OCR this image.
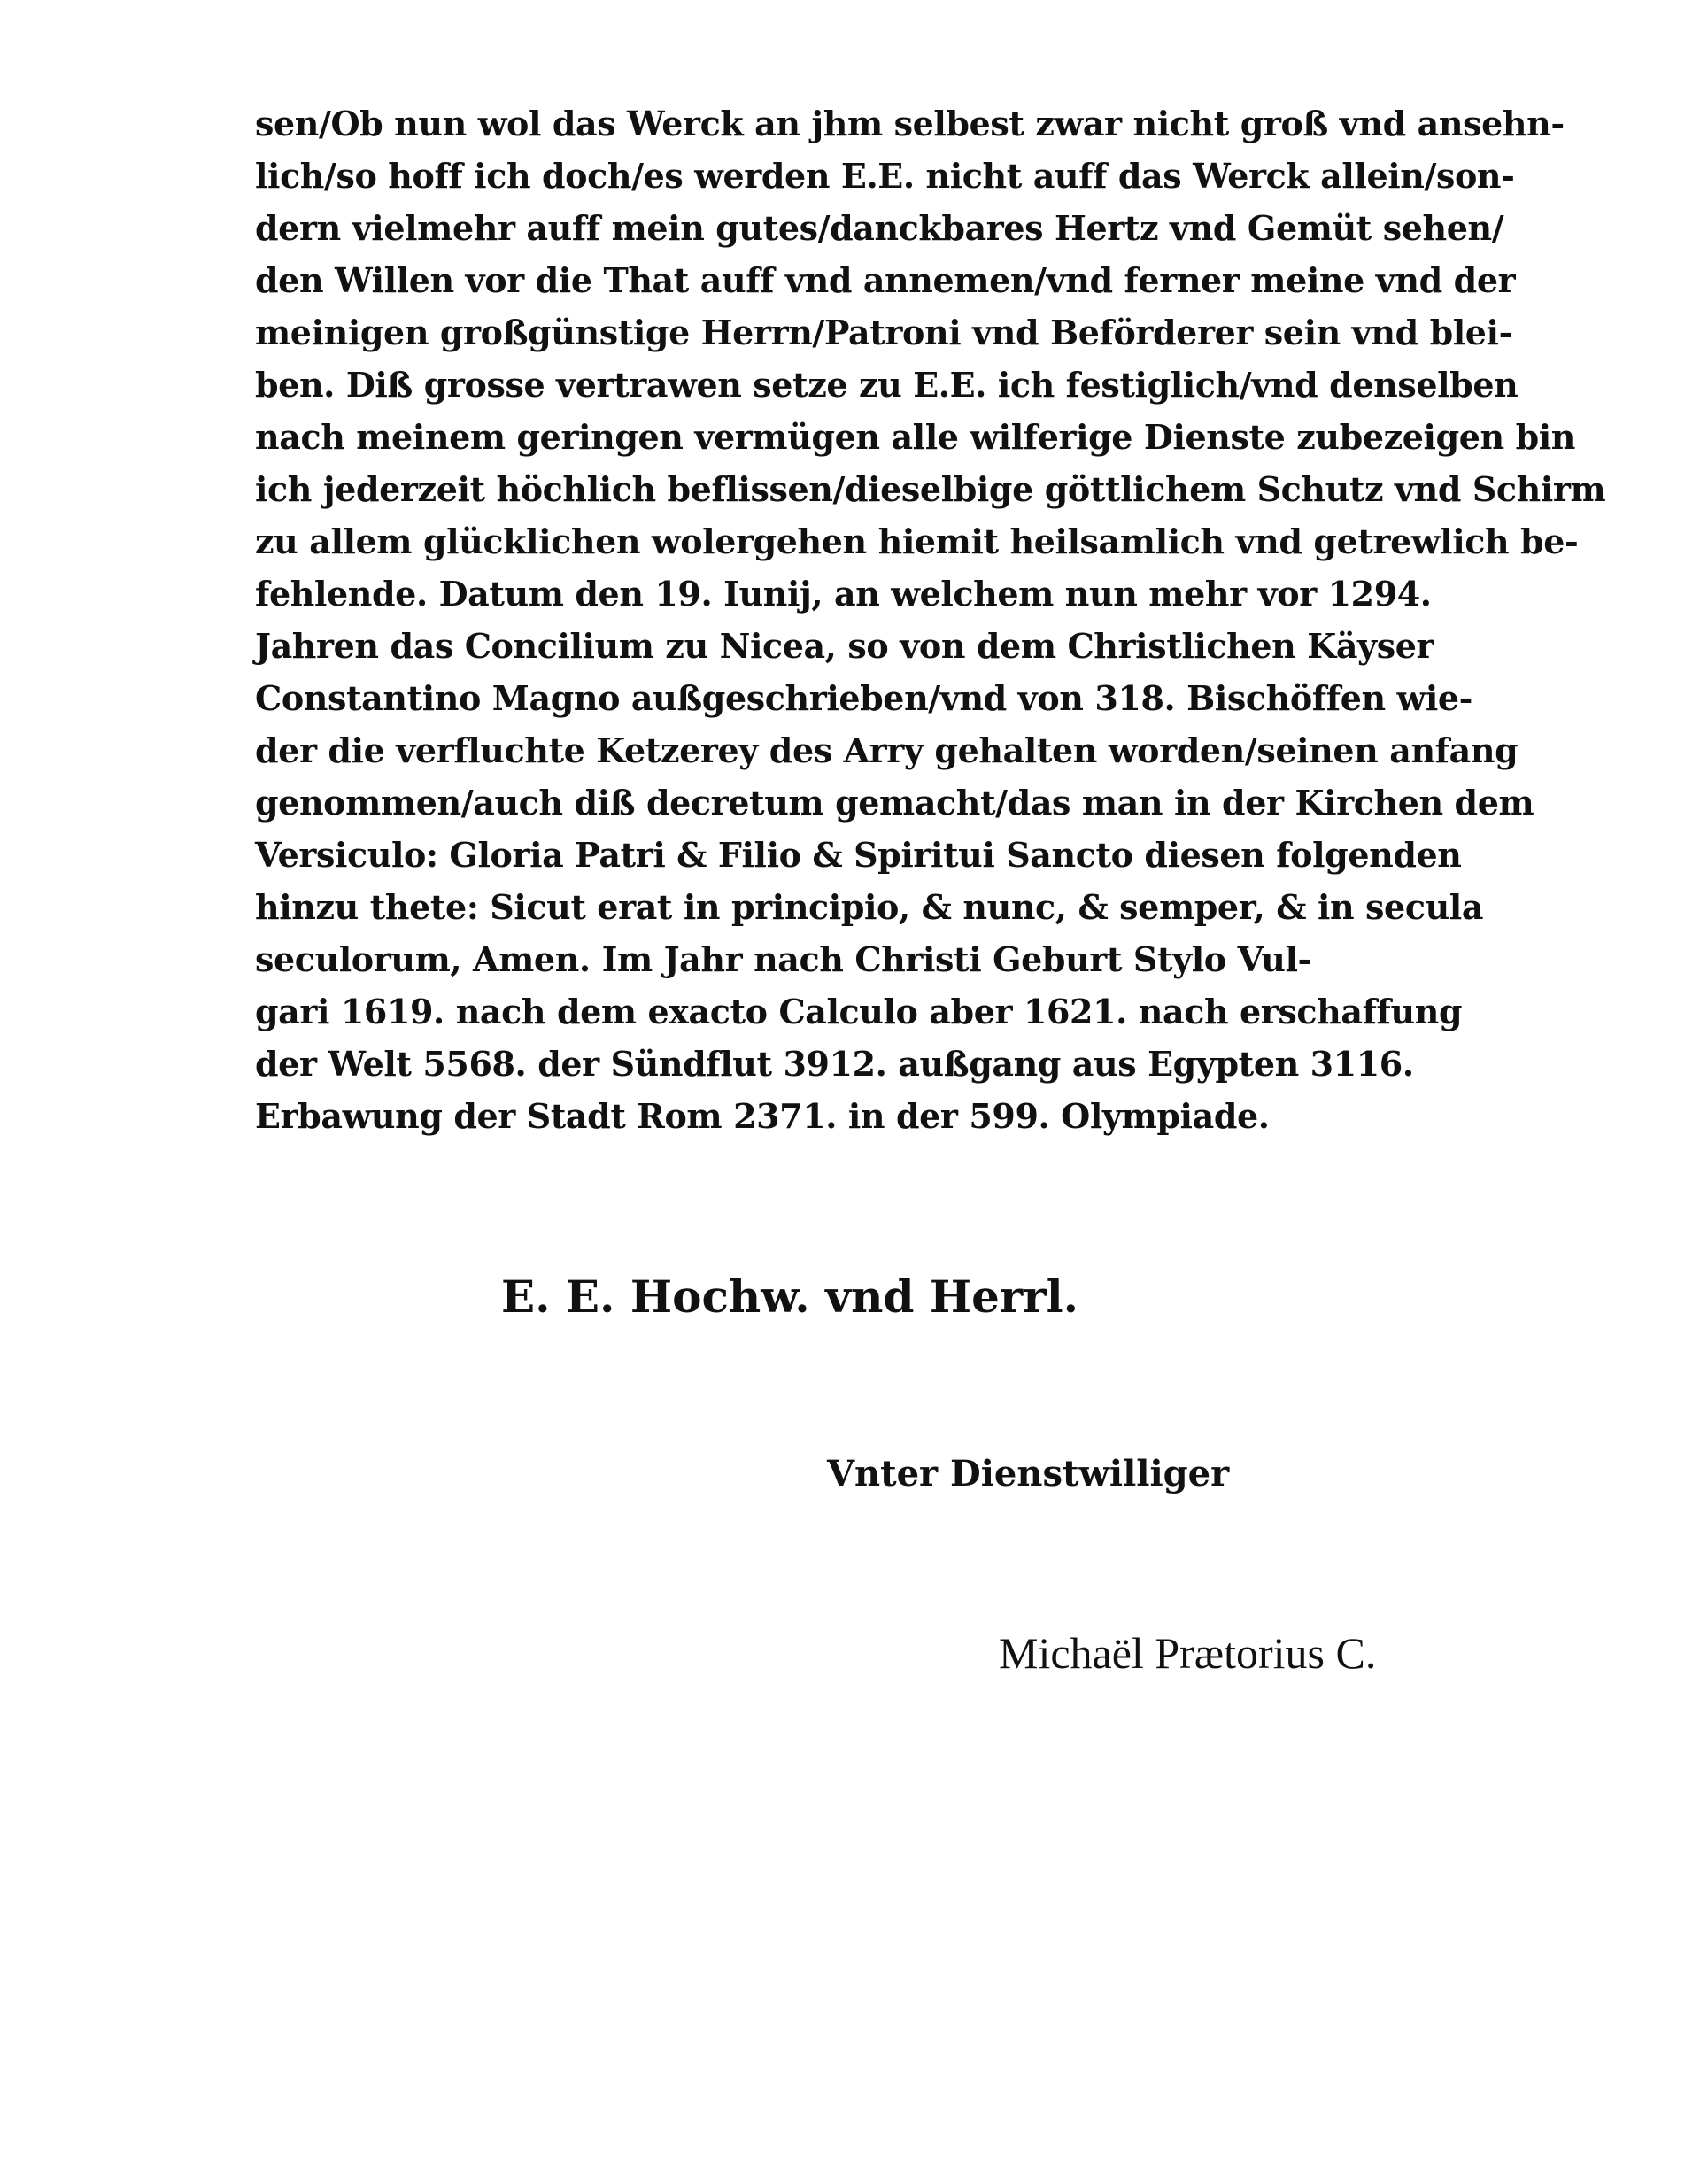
sen/Ob nun wol das Werck an jhm selbest zwar nicht groß vnd ansehn-
lich/so hoff ich doch/es werden E.E. nicht auff das Werck allein/son-
dern vielmehr auff mein gutes/danckbares Hertz vnd Gemüt sehen/
den Willen vor die That auff vnd annemen/vnd ferner meine vnd der
meinigen großgünstige Herrn/Patroni vnd Beförderer sein vnd blei-
ben. Diß grosse vertrawen setze zu E.E. ich festiglich/vnd denselben
nach meinem geringen vermügen alle wilferige Dienste zubezeigen bin
ich jederzeit höchlich beflissen/dieselbige göttlichem Schutz vnd Schirm
zu allem glücklichen wolergehen hiemit heilsamlich vnd getrewlich be-
fehlende. Datum den 19. Iunij, an welchem nun mehr vor 1294.
Jahren das Concilium zu Nicea, so von dem Christlichen Käyser
Constantino Magno außgeschrieben/vnd von 318. Bischöffen wie-
der die verfluchte Ketzerey des Arry gehalten worden/seinen anfang
genommen/auch diß decretum gemacht/das man in der Kirchen dem
Versiculo: Gloria Patri & Filio & Spiritui Sancto diesen folgenden
hinzu thete: Sicut erat in principio, & nunc, & semper, & in secula
seculorum, Amen. Im Jahr nach Christi Geburt Stylo Vul-
gari 1619. nach dem exacto Calculo aber 1621. nach erschaffung
der Welt 5568. der Sündflut 3912. außgang aus Egypten 3116.
Erbawung der Stadt Rom 2371. in der 599. Olympiade.
E. E. Hochw. vnd Herrl.
Vnter Dienstwilliger
Michaël Prætorius C.
